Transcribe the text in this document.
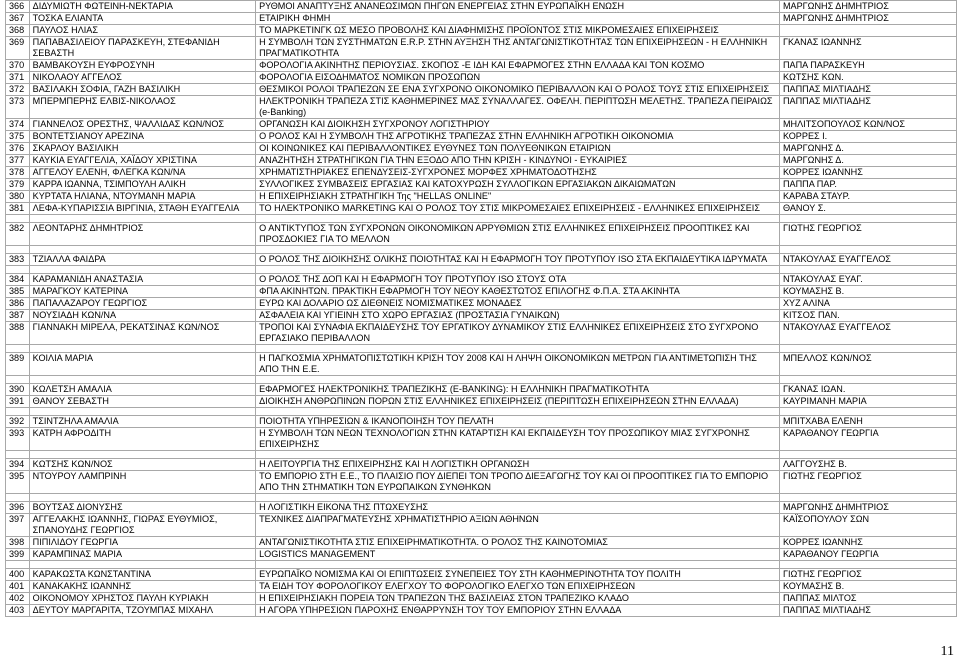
366	ΔΙΔΥΜΙΩΤΗ ΦΩΤΕΙΝΗ-ΝΕΚΤΑΡΙΑ	ΡΥΘΜΟΙ ΑΝΑΠΤΥΞΗΣ ΑΝΑΝΕΩΣΙΜΩΝ ΠΗΓΩΝ ΕΝΕΡΓΕΙΑΣ ΣΤΗΝ ΕΥΡΩΠΑΪΚΗ ΕΝΩΣΗ	ΜΑΡΓΩΝΗΣ ΔΗΜΗΤΡΙΟΣ
367	ΤΟΣΚΑ ΕΛΙΑΝΤΑ	ΕΤΑΙΡΙΚΗ ΦΗΜΗ	ΜΑΡΓΩΝΗΣ ΔΗΜΗΤΡΙΟΣ
368	ΠΑΥΛΟΣ ΗΛΙΑΣ	ΤΟ ΜΑΡΚΕΤΙΝΓΚ ΩΣ ΜΕΣΟ ΠΡΟΒΟΛΗΣ ΚΑΙ ΔΙΑΦΗΜΙΣΗΣ ΠΡΟΪΟΝΤΟΣ ΣΤΙΣ ΜΙΚΡΟΜΕΣΑΙΕΣ ΕΠΙΧΕΙΡΗΣΕΙΣ	
369	ΠΑΠΑΒΑΣΙΛΕΙΟΥ ΠΑΡΑΣΚΕΥΗ, ΣΤΕΦΑΝΙΔΗ ΣΕΒΑΣΤΗ	Η ΣΥΜΒΟΛΗ ΤΩΝ ΣΥΣΤΗΜΑΤΩΝ Ε.R.P. ΣΤΗΝ ΑΥΞΗΣΗ ΤΗΣ ΑΝΤΑΓΩΝΙΣΤΙΚΟΤΗΤΑΣ ΤΩΝ ΕΠΙΧΕΙΡΗΣΕΩΝ - Η ΕΛΛΗΝΙΚΗ ΠΡΑΓΜΑΤΙΚΟΤΗΤΑ	ΓΚΑΝΑΣ ΙΩΑΝΝΗΣ
370	ΒΑΜΒΑΚΟΥΣΗ ΕΥΦΡΟΣΥΝΗ	ΦΟΡΟΛΟΓΙΑ ΑΚΙΝΗΤΗΣ ΠΕΡΙΟΥΣΙΑΣ. ΣΚΟΠΟΣ -Ε ΙΔΗ ΚΑΙ ΕΦΑΡΜΟΓΕΣ ΣΤΗΝ ΕΛΛΑΔΑ ΚΑΙ ΤΟΝ ΚΟΣΜΟ	ΠΑΠΑ ΠΑΡΑΣΚΕΥΗ
371	ΝΙΚΟΛΑΟΥ ΑΓΓΕΛΟΣ	ΦΟΡΟΛΟΓΙΑ ΕΙΣΟΔΗΜΑΤΟΣ ΝΟΜΙΚΩΝ ΠΡΟΣΩΠΩΝ	ΚΩΤΣΗΣ ΚΩΝ.
372	ΒΑΣΙΛΑΚΗ ΣΟΦΙΑ, ΓΑΖΗ ΒΑΣΙΛΙΚΗ	ΘΕΣΜΙΚΟΙ ΡΟΛΟΙ ΤΡΑΠΕΖΩΝ ΣΕ ΕΝΑ ΣΥΓΧΡΟΝΟ ΟΙΚΟΝΟΜΙΚΟ ΠΕΡΙΒΑΛΛΟΝ ΚΑΙ Ο ΡΟΛΟΣ ΤΟΥΣ ΣΤΙΣ ΕΠΙΧΕΙΡΗΣΕΙΣ	ΠΑΠΠΑΣ ΜΙΛΤΙΑΔΗΣ
373	ΜΠΕΡΜΠΕΡΗΣ ΕΛΒΙΣ-ΝΙΚΟΛΑΟΣ	ΗΛΕΚΤΡΟΝΙΚΗ ΤΡΑΠΕΖΑ ΣΤΙΣ ΚΑΘΗΜΕΡΙΝΕΣ ΜΑΣ ΣΥΝΑΛΛΑΓΕΣ. ΟΦΕΛΗ. ΠΕΡΙΠΤΩΣΗ ΜΕΛΕΤΗΣ. ΤΡΑΠΕΖΑ ΠΕΙΡΑΙΩΣ (e-Banking)	ΠΑΠΠΑΣ ΜΙΛΤΙΑΔΗΣ
374	ΓΙΑΝΝΕΛΟΣ ΟΡΕΣΤΗΣ, ΨΑΛΛΙΔΑΣ ΚΩΝ/ΝΟΣ	ΟΡΓΑΝΩΣΗ ΚΑΙ ΔΙΟΙΚΗΣΗ ΣΥΓΧΡΟΝΟΥ ΛΟΓΙΣΤΗΡΙΟΥ	ΜΗΛΙΤΣΟΠΟΥΛΟΣ ΚΩΝ/ΝΟΣ
375	ΒΟΝΤΕΤΣΙΑΝΟΥ ΑΡΕΖΙΝΑ	Ο ΡΟΛΟΣ ΚΑΙ Η ΣΥΜΒΟΛΗ ΤΗΣ ΑΓΡΟΤΙΚΗΣ ΤΡΑΠΕΖΑΣ ΣΤΗΝ ΕΛΛΗΝΙΚΗ ΑΓΡΟΤΙΚΗ ΟΙΚΟΝΟΜΙΑ	ΚΟΡΡΕΣ Ι.
376	ΣΚΑΡΛΟΥ ΒΑΣΙΛΙΚΗ	ΟΙ ΚΟΙΝΩΝΙΚΕΣ ΚΑΙ ΠΕΡΙΒΑΛΛΟΝΤΙΚΕΣ ΕΥΘΥΝΕΣ ΤΩΝ ΠΟΛΥΕΘΝΙΚΩΝ ΕΤΑΙΡΙΩΝ	ΜΑΡΓΩΝΗΣ Δ.
377	ΚΑΥΚΙΑ ΕΥΑΓΓΕΛΙΑ, ΧΑΪΔΟΥ ΧΡΙΣΤΙΝΑ	ΑΝΑΖΗΤΗΣΗ ΣΤΡΑΤΗΓΙΚΩΝ ΓΙΑ ΤΗΝ ΕΞΟΔΟ ΑΠΟ ΤΗΝ ΚΡΙΣΗ - ΚΙΝΔΥΝΟΙ - ΕΥΚΑΙΡΙΕΣ	ΜΑΡΓΩΝΗΣ Δ.
378	ΑΓΓΕΛΟΥ ΕΛΕΝΗ, ΦΛΕΓΚΑ ΚΩΝ/ΝΑ	ΧΡΗΜΑΤΙΣΤΗΡΙΑΚΕΣ ΕΠΕΝΔΥΣΕΙΣ-ΣΥΓΧΡΟΝΕΣ ΜΟΡΦΕΣ ΧΡΗΜΑΤΟΔΟΤΗΣΗΣ	ΚΟΡΡΕΣ ΙΩΑΝΝΗΣ
379	ΚΑΡΡΑ ΙΩΑΝΝΑ, ΤΣΙΜΠΟΥΛΗ ΑΛΙΚΗ	ΣΥΛΛΟΓΙΚΕΣ ΣΥΜΒΑΣΕΙΣ ΕΡΓΑΣΙΑΣ ΚΑΙ ΚΑΤΟΧΥΡΩΣΗ ΣΥΛΛΟΓΙΚΩΝ ΕΡΓΑΣΙΑΚΩΝ ΔΙΚΑΙΩΜΑΤΩΝ	ΠΑΠΠΑ ΠΑΡ.
380	ΚΥΡΤΑΤΑ ΗΛΙΑΝΑ, ΝΤΟΥΜΑΝΗ ΜΑΡΙΑ	Η ΕΠΙΧΕΙΡΗΣΙΑΚΗ ΣΤΡΑΤΗΓΙΚΗ Της "HELLAS ONLINE"	ΚΑΡΑΒΑ ΣΤΑΥΡ.
381	ΛΕΦΑ-ΚΥΠΑΡΙΣΣΙΑ ΒΙΡΓΙΝΙΑ, ΣΤΑΘΗ ΕΥΑΓΓΕΛΙΑ	ΤΟ ΗΛΕΚΤΡΟΝΙΚΟ MARKETING ΚΑΙ Ο ΡΟΛΟΣ ΤΟΥ ΣΤΙΣ ΜΙΚΡΟΜΕΣΑΙΕΣ ΕΠΙΧΕΙΡΗΣΕΙΣ - ΕΛΛΗΝΙΚΕΣ ΕΠΙΧΕΙΡΗΣΕΙΣ	ΘΑΝΟΥ Σ.

382	ΛΕΟΝΤΑΡΗΣ ΔΗΜΗΤΡΙΟΣ	Ο ΑΝΤΙΚΤΥΠΟΣ ΤΩΝ ΣΥΓΧΡΟΝΩΝ ΟΙΚΟΝΟΜΙΚΩΝ ΑΡΡΥΘΜΙΩΝ ΣΤΙΣ ΕΛΛΗΝΙΚΕΣ ΕΠΙΧΕΙΡΗΣΕΙΣ ΠΡΟΟΠΤΙΚΕΣ ΚΑΙ ΠΡΟΣΔΟΚΙΕΣ ΓΙΑ ΤΟ ΜΕΛΛΟΝ	ΓΙΩΤΗΣ ΓΕΩΡΓΙΟΣ

383	ΤΖΙΑΛΛΑ ΦΑΙΔΡΑ	Ο ΡΟΛΟΣ ΤΗΣ ΔΙΟΙΚΗΣΗΣ ΟΛΙΚΗΣ ΠΟΙΟΤΗΤΑΣ ΚΑΙ Η ΕΦΑΡΜΟΓΗ ΤΟΥ ΠΡΟΤΥΠΟΥ ISO ΣΤΑ ΕΚΠΑΙΔΕΥΤΙΚΑ ΙΔΡΥΜΑΤΑ	ΝΤΑΚΟΥΛΑΣ ΕΥΑΓΓΕΛΟΣ

384	ΚΑΡΑΜΑΝΙΔΗ ΑΝΑΣΤΑΣΙΑ	Ο ΡΟΛΟΣ ΤΗΣ ΔΟΠ ΚΑΙ Η ΕΦΑΡΜΟΓΗ ΤΟΥ ΠΡΟΤΥΠΟΥ ISO ΣΤΟΥΣ ΟΤΑ	ΝΤΑΚΟΥΛΑΣ ΕΥΑΓ.
385	ΜΑΡΑΓΚΟΥ ΚΑΤΕΡΙΝΑ	ΦΠΑ ΑΚΙΝΗΤΩΝ. ΠΡΑΚΤΙΚΗ ΕΦΑΡΜΟΓΗ ΤΟΥ ΝΕΟΥ ΚΑΘΕΣΤΩΤΟΣ ΕΠΙΛΟΓΗΣ Φ.Π.Α. ΣΤΑ ΑΚΙΝΗΤΑ	ΚΟΥΜΑΣΗΣ Β.
386	ΠΑΠΑΛΑΖΑΡΟΥ ΓΕΩΡΓΙΟΣ	ΕΥΡΩ ΚΑΙ ΔΟΛΑΡΙΟ ΩΣ ΔΙΕΘΝΕΙΣ ΝΟΜΙΣΜΑΤΙΚΕΣ ΜΟΝΑΔΕΣ	ΧΥΖ ΑΛΙΝΑ
387	ΝΟΥΣΙΑΔΗ ΚΩΝ/ΝΑ	ΑΣΦΑΛΕΙΑ ΚΑΙ ΥΓΙΕΙΝΗ ΣΤΟ ΧΩΡΟ ΕΡΓΑΣΙΑΣ (ΠΡΟΣΤΑΣΙΑ ΓΥΝΑΙΚΩΝ)	ΚΙΤΣΟΣ ΠΑΝ.
388	ΓΙΑΝΝΑΚΗ ΜΙΡΕΛΑ, ΡΕΚΑΤΣΙΝΑΣ ΚΩΝ/ΝΟΣ	ΤΡΟΠΟΙ ΚΑΙ ΣΥΝΑΦΙΑ ΕΚΠΑΙΔΕΥΣΗΣ ΤΟΥ ΕΡΓΑΤΙΚΟΥ ΔΥΝΑΜΙΚΟΥ ΣΤΙΣ ΕΛΛΗΝΙΚΕΣ ΕΠΙΧΕΙΡΗΣΕΙΣ ΣΤΟ ΣΥΓΧΡΟΝΟ ΕΡΓΑΣΙΑΚΟ ΠΕΡΙΒΑΛΛΟΝ	ΝΤΑΚΟΥΛΑΣ ΕΥΑΓΓΕΛΟΣ

389	ΚΟΙΛΙΑ ΜΑΡΙΑ	Η ΠΑΓΚΟΣΜΙΑ ΧΡΗΜΑΤΟΠΙΣΤΩΤΙΚΗ ΚΡΙΣΗ ΤΟΥ 2008 ΚΑΙ Η ΛΗΨΗ ΟΙΚΟΝΟΜΙΚΩΝ ΜΕΤΡΩΝ ΓΙΑ ΑΝΤΙΜΕΤΩΠΙΣΗ ΤΗΣ ΑΠΟ ΤΗΝ Ε.Ε.	ΜΠΕΛΛΟΣ ΚΩΝ/ΝΟΣ

390	ΚΩΛΕΤΣΗ ΑΜΑΛΙΑ	ΕΦΑΡΜΟΓΕΣ ΗΛΕΚΤΡΟΝΙΚΗΣ ΤΡΑΠΕΖΙΚΗΣ (E-BANKING): Η ΕΛΛΗΝΙΚΗ ΠΡΑΓΜΑΤΙΚΟΤΗΤΑ	ΓΚΑΝΑΣ ΙΩΑΝ.
391	ΘΑΝΟΥ ΣΕΒΑΣΤΗ	ΔΙΟΙΚΗΣΗ ΑΝΘΡΩΠΙΝΩΝ ΠΟΡΩΝ ΣΤΙΣ ΕΛΛΗΝΙΚΕΣ ΕΠΙΧΕΙΡΗΣΕΙΣ (ΠΕΡΙΠΤΩΣΗ ΕΠΙΧΕΙΡΗΣΕΩΝ ΣΤΗΝ ΕΛΛΑΔΑ)	ΚΑΥΡΙΜΑΝΗ ΜΑΡΙΑ

392	ΤΣΙΝΤΖΗΛΑ ΑΜΑΛΙΑ	ΠΟΙΟΤΗΤΑ ΥΠΗΡΕΣΙΩΝ & ΙΚΑΝΟΠΟΙΗΣΗ ΤΟΥ ΠΕΛΑΤΗ	ΜΠΙΤΧΑΒΑ ΕΛΕΝΗ
393	ΚΑΤΡΗ ΑΦΡΟΔΙΤΗ	Η ΣΥΜΒΟΛΗ ΤΩΝ ΝΕΩΝ ΤΕΧΝΟΛΟΓΙΩΝ ΣΤΗΝ ΚΑΤΑΡΤΙΣΗ ΚΑΙ ΕΚΠΑΙΔΕΥΣΗ ΤΟΥ ΠΡΟΣΩΠΙΚΟΥ ΜΙΑΣ ΣΥΓΧΡΟΝΗΣ ΕΠΙΧΕΙΡΗΣΗΣ	ΚΑΡΑΘΑΝΟΥ ΓΕΩΡΓΙΑ

394	ΚΩΤΣΗΣ ΚΩΝ/ΝΟΣ	Η ΛΕΙΤΟΥΡΓΙΑ ΤΗΣ ΕΠΙΧΕΙΡΗΣΗΣ ΚΑΙ Η ΛΟΓΙΣΤΙΚΗ ΟΡΓΑΝΩΣΗ	ΛΑΓΓΟΥΣΗΣ Β.
395	ΝΤΟΥΡΟΥ ΛΑΜΠΡΙΝΗ	ΤΟ ΕΜΠΟΡΙΟ ΣΤΗ Ε.Ε., ΤΟ ΠΛΑΙΣΙΟ ΠΟΥ ΔΙΕΠΕΙ ΤΟΝ ΤΡΟΠΟ ΔΙΕΞΑΓΩΓΗΣ ΤΟΥ ΚΑΙ ΟΙ ΠΡΟΟΠΤΙΚΕΣ ΓΙΑ ΤΟ ΕΜΠΟΡΙΟ ΑΠΟ ΤΗΝ ΣΤΗΜΑΤΙΚΗ ΤΩΝ ΕΥΡΩΠΑΙΚΩΝ ΣΥΝΘΗΚΩΝ	ΓΙΩΤΗΣ ΓΕΩΡΓΙΟΣ

396	ΒΟΥΤΣΑΣ ΔΙΟΝΥΣΗΣ	Η ΛΟΓΙΣΤΙΚΗ ΕΙΚΟΝΑ ΤΗΣ ΠΤΩΧΕΥΣΗΣ	ΜΑΡΓΩΝΗΣ ΔΗΜΗΤΡΙΟΣ
397	ΑΓΓΕΛΑΚΗΣ ΙΩΑΝΝΗΣ, ΓΙΩΡΑΣ ΕΥΘΥΜΙΟΣ, ΣΠΑΝΟΥΔΗΣ ΓΕΩΡΓΙΟΣ	ΤΕΧΝΙΚΕΣ ΔΙΑΠΡΑΓΜΑΤΕΥΣΗΣ ΧΡΗΜΑΤΙΣΤΗΡΙΟ ΑΞΙΩΝ ΑΘΗΝΩΝ	ΚΑΪΣΟΠΟΥΛΟΥ ΣΩΝ
398	ΠΙΠΙΛΙΔΟΥ ΓΕΩΡΓΙΑ	ΑΝΤΑΓΩΝΙΣΤΙΚΟΤΗΤΑ ΣΤΙΣ ΕΠΙΧΕΙΡΗΜΑΤΙΚΟΤΗΤΑ. Ο ΡΟΛΟΣ ΤΗΣ ΚΑΙΝΟΤΟΜΙΑΣ	ΚΟΡΡΕΣ ΙΩΑΝΝΗΣ
399	ΚΑΡΑΜΠΙΝΑΣ ΜΑΡΙΑ	LOGISTICS MANAGEMENT	ΚΑΡΑΘΑΝΟΥ ΓΕΩΡΓΙΑ

400	ΚΑΡΑΚΩΣΤΑ ΚΩΝΣΤΑΝΤΙΝΑ	ΕΥΡΩΠΑΪΚΟ ΝΟΜΙΣΜΑ ΚΑΙ ΟΙ ΕΠΙΠΤΩΣΕΙΣ ΣΥΝΕΠΕΙΕΣ ΤΟΥ ΣΤΗ ΚΑΘΗΜΕΡΙΝΟΤΗΤΑ ΤΟΥ ΠΟΛΙΤΗ	ΓΙΩΤΗΣ ΓΕΩΡΓΙΟΣ
401	ΚΑΝΑΚΑΚΗΣ ΙΩΑΝΝΗΣ	ΤΑ ΕΙΔΗ ΤΟΥ ΦΟΡΟΛΟΓΙΚΟΥ ΕΛΕΓΧΟΥ ΤΟ ΦΟΡΟΛΟΓΙΚΟ ΕΛΕΓΧΟ ΤΩΝ ΕΠΙΧΕΙΡΗΣΕΩΝ	ΚΟΥΜΑΣΗΣ Β.
402	ΟΙΚΟΝΟΜΟΥ ΧΡΗΣΤΟΣ ΠΑΥΛΗ ΚΥΡΙΑΚΗ	Η ΕΠΙΧΕΙΡΗΣΙΑΚΗ ΠΟΡΕΙΑ ΤΩΝ ΤΡΑΠΕΖΩΝ ΤΗΣ ΒΑΣΙΛΕΙΑΣ ΣΤΟΝ ΤΡΑΠΕΖΙΚΟ ΚΛΑΔΟ	ΠΑΠΠΑΣ ΜΙΛΤΟΣ
403	ΔΕΥΤΟΥ ΜΑΡΓΑΡΙΤΑ, ΤΖΟΥΜΠΑΣ ΜΙΧΑΗΛ	Η ΑΓΟΡΑ ΥΠΗΡΕΣΙΩΝ ΠΑΡΟΧΗΣ ΕΝΘΑΡΡΥΝΣΗ ΤΟΥ ΤΟΥ ΕΜΠΟΡΙΟΥ ΣΤΗΝ ΕΛΛΑΔΑ	ΠΑΠΠΑΣ ΜΙΛΤΙΑΔΗΣ
11
